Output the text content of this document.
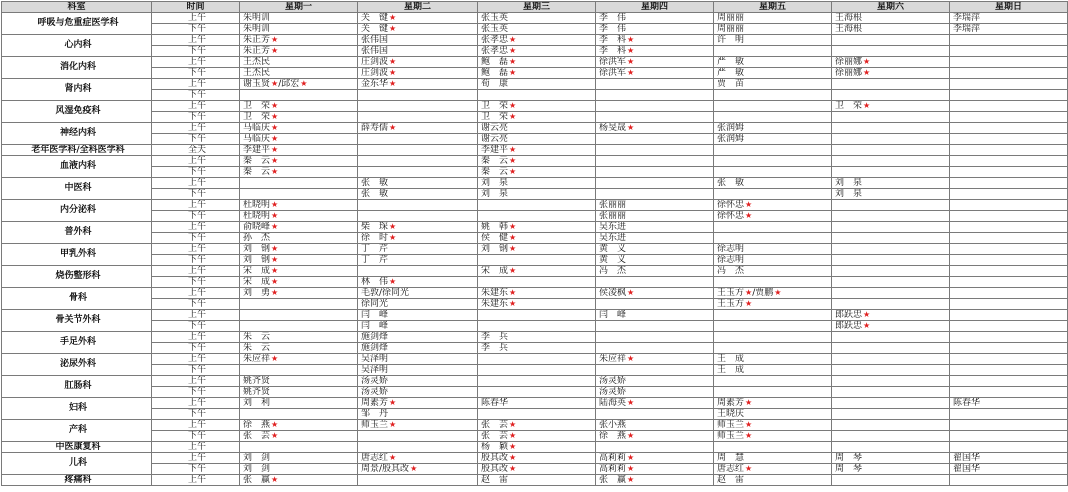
科室	时间	星期一	星期二	星期三	星期四	星期五	星期六	星期日
呼吸与危重症医学科	上午	朱明训	关　键★	张玉英	李　伟	周丽丽	王海根	李瑞萍
	下午	朱明训	关　键★	张玉英	李　伟	周丽丽	王海根	李瑞萍
心内科	上午	朱正芳★	张伟国	张孝忠★	李　科★	许　明		
	下午	朱正芳★	张伟国	张孝忠★	李　科★			
消化内科	上午	王杰民	庄剑波★	鲍　磊★	徐洪军★	严　敏	徐丽娜★	
	下午	王杰民	庄剑波★	鲍　磊★	徐洪军★	严　敏	徐丽娜★	
肾内科	上午	谢玉贤★/邱宏★	金东华★	荀　康		贾　苗		
	下午							
风湿免疫科	上午	卫　荣★		卫　荣★			卫　荣★	
	下午	卫　荣★		卫　荣★				
神经内科	上午	马临庆★	薛寿儒★	谢云亮	杨旻晟★	张润姆		
	下午	马临庆★		谢云亮		张润姆		
老年医学科/全科医学科	全天	李建平★		李建平★				
血液内科	上午	秦　云★		秦　云★				
	下午	秦　云★		秦　云★				
中医科	上午		张　敏	刘　泉		张　敏	刘　泉	
	下午		张　敏	刘　泉			刘　泉	
内分泌科	上午	杜晓明★			张丽丽	徐怀忠★		
	下午	杜晓明★			张丽丽	徐怀忠★		
普外科	上午	俞晓峰★	柴　琛★	姚　韩★	吴东进			
	下午	孙　杰	徐　时★	侯　健★	吴东进			
甲乳外科	上午	刘　钢★	丁　芹	刘　钢★	黄　义	徐志明		
	下午	刘　钢★	丁　芹		黄　义	徐志明		
烧伤整形科	上午	宋　成★		宋　成★	冯　杰	冯　杰		
	下午	宋　成★	林　伟★					
骨科	上午	刘　勇★	毛敦/徐同光	朱建东★	侯凌枫★	王玉方★/贾鹏★		
	下午		徐同光	朱建东★		王玉方★		
骨关节外科	上午		闫　峰		闫　峰		郎跃忠★	
	下午		闫　峰				郎跃忠★	
手足外科	上午	朱　云	施剑烽	李　兵				
	下午	朱　云	施剑烽	李　兵				
泌尿外科	上午	朱应祥★	吴泽明		朱应祥★	王　成		
	下午		吴泽明			王　成		
肛肠科	上午	姚齐贤	汤灵娇		汤灵娇			
	下午	姚齐贤	汤灵娇		汤灵娇			
妇科	上午	刘　利	周素芳★	陈春华	陆海英★	周素芳★		陈春华
	下午		邹　丹			王晓庆		
产科	上午	徐　燕★	师玉兰★	张　芸★	张小燕	师玉兰★		
	下午	张　芸★		张　芸★	徐　燕★	师玉兰★		
中医康复科	上午			杨　颖★				
儿科	上午	刘　剑	唐志红★	殷其改★	高莉莉★	周　慧	周　琴	翟国华
	下午	刘　剑	周景/殷其改★	殷其改★	高莉莉★	唐志红★	周　琴	翟国华
疼痛科	上午	张　赢★		赵　雷	张　赢★	赵　雷		
